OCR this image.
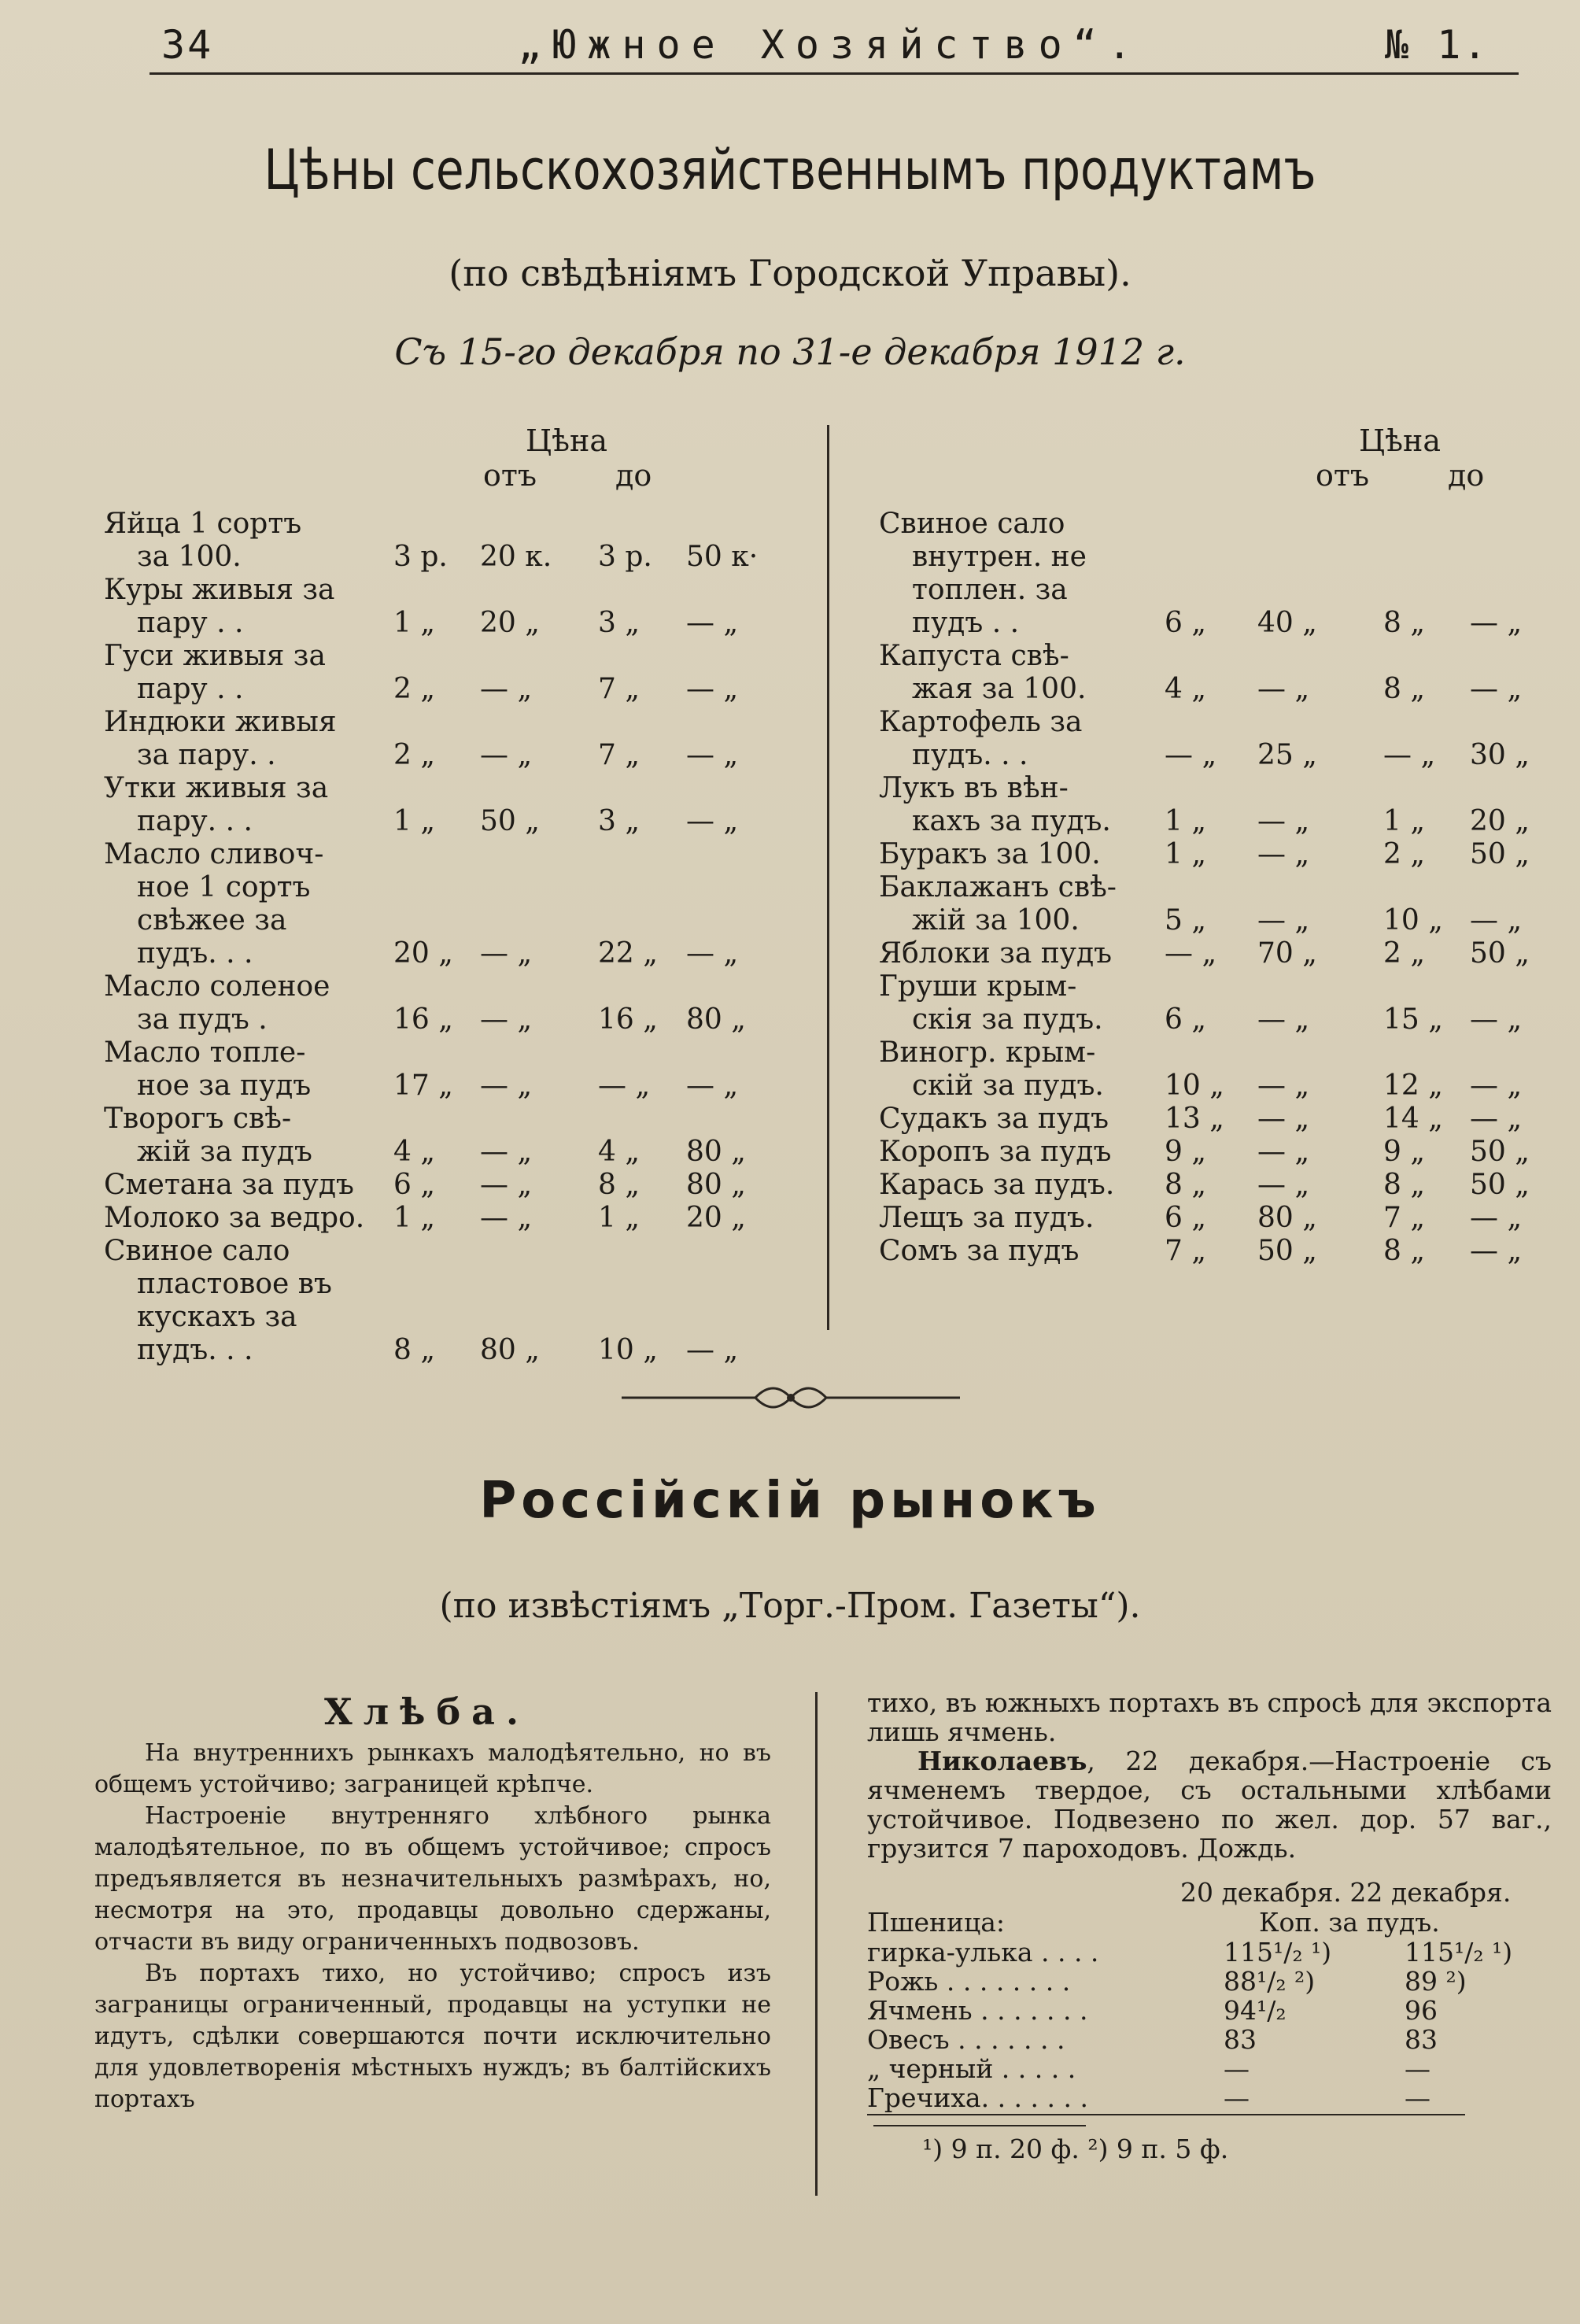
34	„Южное Хозяйство“.	№ 1.
Цѣны сельскохозяйственнымъ продуктамъ
(по свѣдѣніямъ Городской Управы).
Съ 15-го декабря по 31-е декабря 1912 г.
Цѣна
отъ	до
Цѣна
отъ	до
Яйца 1 сортъ
за 100.	3 р. 20 к. 3 р. 50 к·
Куры живыя за
пару . .	1 „ 20 „ 3 „ — „
Гуси живыя за
пару . .	2 „ — „ 7 „ — „
Индюки живыя
за пару. .	2 „ — „ 7 „ — „
Утки живыя за
пару. . .	1 „ 50 „ 3 „ — „
Масло сливоч-
ное 1 сортъ
свѣжее за
пудъ. . .	20 „ — „ 22 „ — „
Масло соленое
за пудъ .	16 „ — „ 16 „ 80 „
Масло топле-
ное за пудъ	17 „ — „ — „ — „
Творогъ свѣ-
жій за пудъ	4 „ — „ 4 „ 80 „
Сметана за пудъ 6 „ — „ 8 „ 80 „
Молоко за ведро. 1 „ — „ 1 „ 20 „
Свиное сало
пластовое въ
кускахъ за
пудъ. . .	8 „ 80 „ 10 „ — „
Свиное сало
внутрен. не
топлен. за
пудъ . .	6 „ 40 „ 8 „ — „
Капуста свѣ-
жая за 100.	4 „ — „	8 „ — „
Картофель за
пудъ. . .	— „ 25 „ — „ 30 „
Лукъ въ вѣн-
кахъ за пудъ. 1 „ — „	1 „ 20 „
Буракъ за 100. 1 „ — „	2 „ 50 „
Баклажанъ свѣ-
жій за 100.	5 „ — „	10 „ — „
Яблоки за пудъ — „ 70 „ 2 „ 50 „
Груши крым-
скія за пудъ. 6 „ — „	15 „ — „
Виногр. крым-
скій за пудъ. 10 „ — „	12 „ — „
Судакъ за пудъ 13 „ — „	14 „ — „
Коропъ за пудъ 9 „ — „	9 „ 50 „
Карась за пудъ. 8 „ — „	8 „ 50 „
Лещъ за пудъ. 6 „ 80 „ 7 „ — „
Сомъ за пудъ	7 „ 50 „ 8 „ — „
Россійскій рынокъ
(по извѣстіямъ „Торг.-Пром. Газеты“).
Хлѣба.

На внутреннихъ рынкахъ малодѣятельно, но въ общемъ устойчиво; заграницей крѣпче.

Настроеніе внутренняго хлѣбного рынка малодѣятельное, по въ общемъ устойчивое; спросъ предъявляется въ незначительныхъ размѣрахъ, но, несмотря на это, продавцы довольно сдержаны, отчасти въ виду ограниченныхъ подвозовъ.

Въ портахъ тихо, но устойчиво; спросъ изъ заграницы ограниченный, продавцы на уступки не идутъ, сдѣлки совершаются почти исключительно для удовлетворенія мѣстныхъ нуждъ; въ балтійскихъ портахъ

тихо, въ южныхъ портахъ въ спросѣ для экспорта лишь ячмень.
Николаевъ, 22 декабря.—Настроеніе съ ячменемъ твердое, съ остальными хлѣбами устойчивое. Подвезено по жел. дор. 57 ваг., грузится 7 пароходовъ. Дождь.
20 декабря. 22 декабря.
Пшеница:	Коп. за пудъ.
гирка-улька . . . .	115¹/₂ ¹)	115¹/₂ ¹)
Рожь . . . . . . . .	88¹/₂ ²)	89 ²)
Ячмень . . . . . . .	94¹/₂	96
Овесъ . . . . . . .	83	83
„ черный . . . . .	—	—
Гречиха. . . . . . .	—	—
¹) 9 п. 20 ф. ²) 9 п. 5 ф.
